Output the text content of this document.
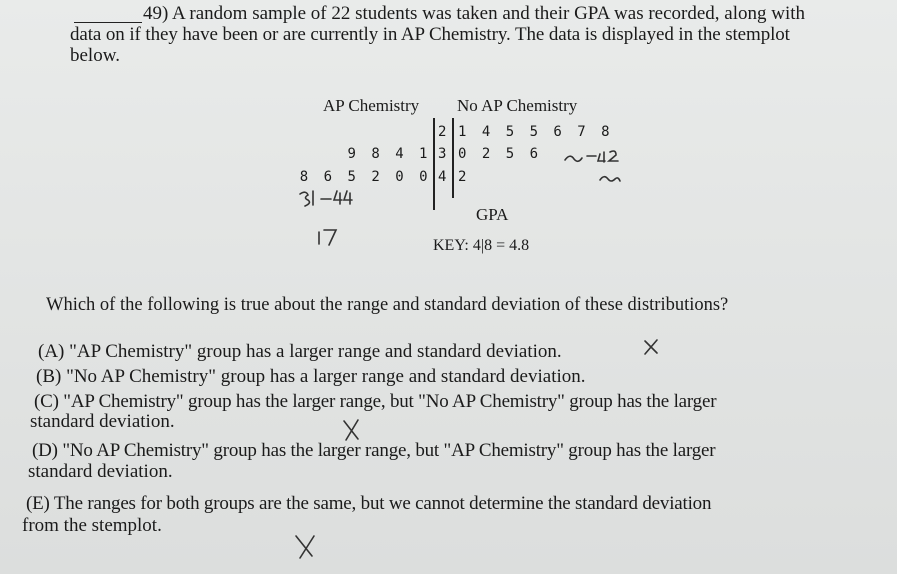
49) A random sample of 22 students was taken and their GPA was recorded, along with
data on if they have been or are currently in AP Chemistry. The data is displayed in the stemplot
below.
AP Chemistry No AP Chemistry
2 1 4 5 5 6 7 8
9 8 4 1 3 0 2 5 6
8 6 5 2 0 0 4 2
GPA
KEY: 4|8 = 4.8
Which of the following is true about the range and standard deviation of these distributions?
(A) "AP Chemistry" group has a larger range and standard deviation.
(B) "No AP Chemistry" group has a larger range and standard deviation.
(C) "AP Chemistry" group has the larger range, but "No AP Chemistry" group has the larger
standard deviation.
(D) "No AP Chemistry" group has the larger range, but "AP Chemistry" group has the larger
standard deviation.
(E) The ranges for both groups are the same, but we cannot determine the standard deviation
from the stemplot.
